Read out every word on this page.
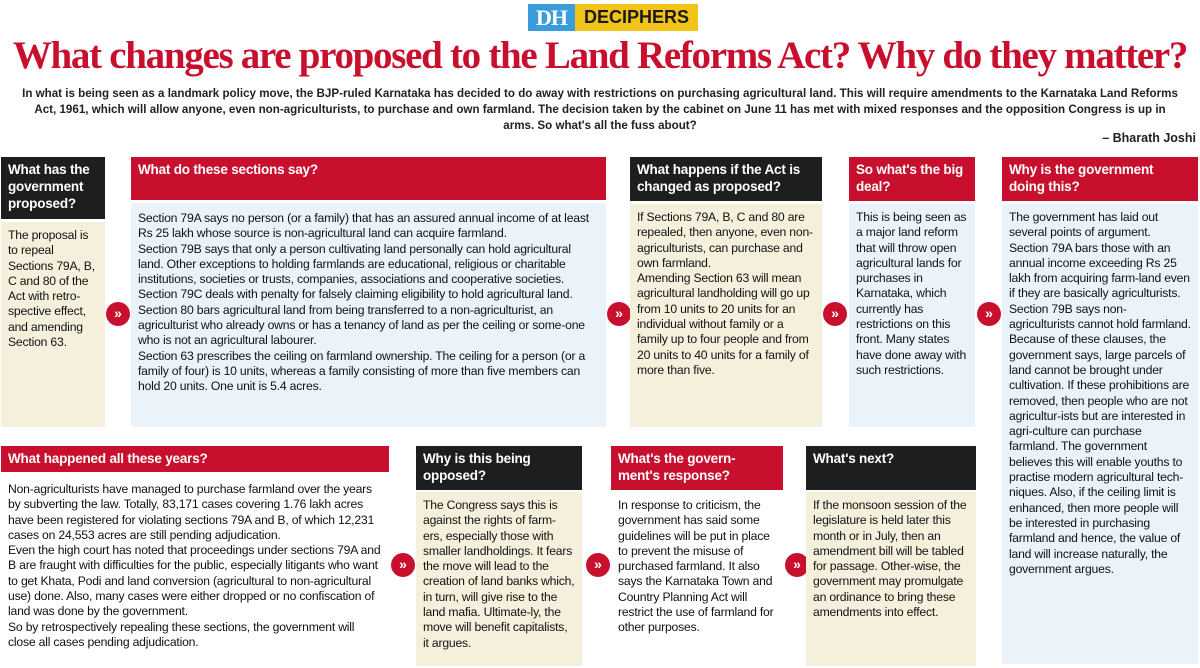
DH DECIPHERS
What changes are proposed to the Land Reforms Act? Why do they matter?
In what is being seen as a landmark policy move, the BJP-ruled Karnataka has decided to do away with restrictions on purchasing agricultural land. This will require amendments to the Karnataka Land Reforms Act, 1961, which will allow anyone, even non-agriculturists, to purchase and own farmland. The decision taken by the cabinet on June 11 has met with mixed responses and the opposition Congress is up in arms. So what's all the fuss about?
– Bharath Joshi
What has the government proposed?
The proposal is to repeal Sections 79A, B, C and 80 of the Act with retro-spective effect, and amending Section 63.
»
What do these sections say?
Section 79A says no person (or a family) that has an assured annual income of at least Rs 25 lakh whose source is non-agricultural land can acquire farmland.
Section 79B says that only a person cultivating land personally can hold agricultural land. Other exceptions to holding farmlands are educational, religious or charitable institutions, societies or trusts, companies, associations and cooperative societies.
Section 79C deals with penalty for falsely claiming eligibility to hold agricultural land.
Section 80 bars agricultural land from being transferred to a non-agriculturist, an agriculturist who already owns or has a tenancy of land as per the ceiling or some-one who is not an agricultural labourer.
Section 63 prescribes the ceiling on farmland ownership. The ceiling for a person (or a family of four) is 10 units, whereas a family consisting of more than five members can hold 20 units. One unit is 5.4 acres.
»
What happens if the Act is changed as proposed?
If Sections 79A, B, C and 80 are repealed, then anyone, even non-agriculturists, can purchase and own farmland.
Amending Section 63 will mean agricultural landholding will go up from 10 units to 20 units for an individual without family or a family up to four people and from 20 units to 40 units for a family of more than five.
»
So what's the big deal?
This is being seen as a major land reform that will throw open agricultural lands for purchases in Karnataka, which currently has restrictions on this front. Many states have done away with such restrictions.
»
Why is the government doing this?
The government has laid out several points of argument. Section 79A bars those with an annual income exceeding Rs 25 lakh from acquiring farm-land even if they are basically agriculturists. Section 79B says non-agriculturists cannot hold farmland.
Because of these clauses, the government says, large parcels of land cannot be brought under cultivation. If these prohibitions are removed, then people who are not agricultur-ists but are interested in agri-culture can purchase farmland. The government believes this will enable youths to practise modern agricultural tech-niques. Also, if the ceiling limit is enhanced, then more people will be interested in purchasing farmland and hence, the value of land will increase naturally, the government argues.
What happened all these years?
Non-agriculturists have managed to purchase farmland over the years by subverting the law. Totally, 83,171 cases covering 1.76 lakh acres have been registered for violating sections 79A and B, of which 12,231 cases on 24,553 acres are still pending adjudication.
Even the high court has noted that proceedings under sections 79A and B are fraught with difficulties for the public, especially litigants who want to get Khata, Podi and land conversion (agricultural to non-agricultural use) done. Also, many cases were either dropped or no confiscation of land was done by the government.
So by retrospectively repealing these sections, the government will close all cases pending adjudication.
»
Why is this being opposed?
The Congress says this is against the rights of farm-ers, especially those with smaller landholdings. It fears the move will lead to the creation of land banks which, in turn, will give rise to the land mafia. Ultimate-ly, the move will benefit capitalists, it argues.
»
What's the govern-ment's response?
In response to criticism, the government has said some guidelines will be put in place to prevent the misuse of purchased farmland. It also says the Karnataka Town and Country Planning Act will restrict the use of farmland for other purposes.
»
What's next?
If the monsoon session of the legislature is held later this month or in July, then an amendment bill will be tabled for passage. Other-wise, the government may promulgate an ordinance to bring these amendments into effect.
